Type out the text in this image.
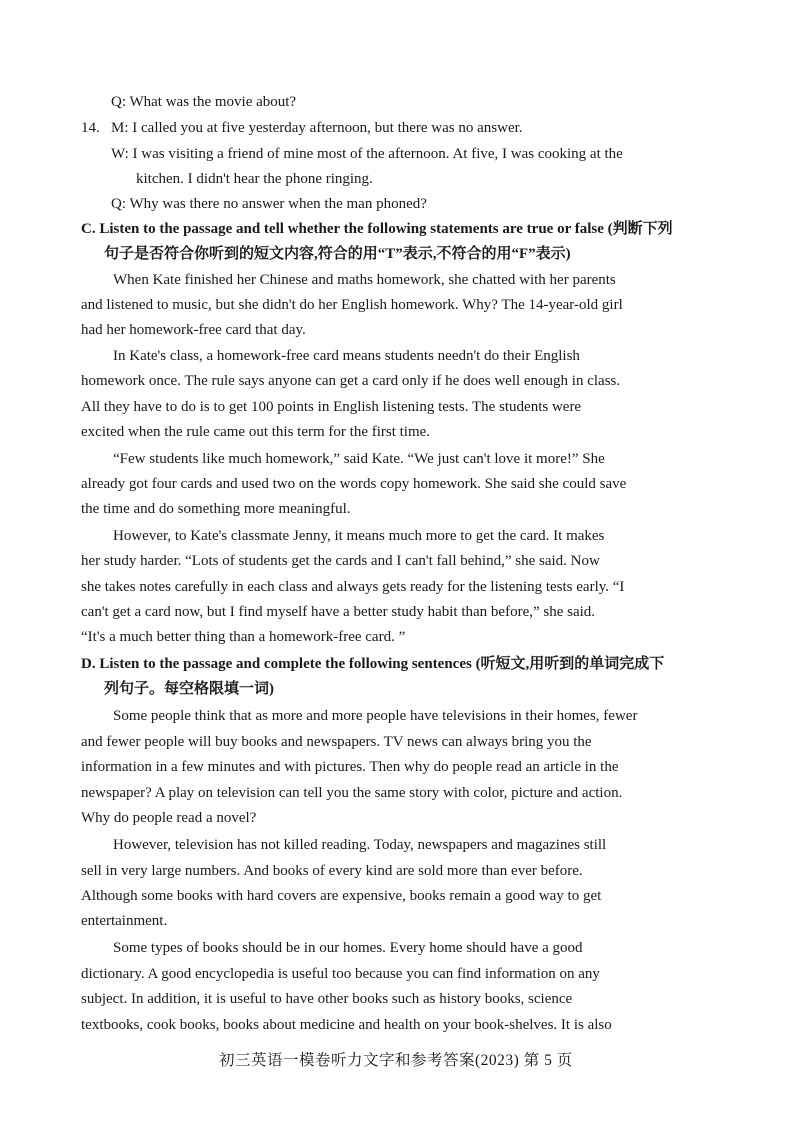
Q: What was the movie about?
14. M: I called you at five yesterday afternoon, but there was no answer.
W: I was visiting a friend of mine most of the afternoon. At five, I was cooking at the
kitchen. I didn't hear the phone ringing.
Q: Why was there no answer when the man phoned?
C. Listen to the passage and tell whether the following statements are true or false (判断下列
句子是否符合你听到的短文内容,符合的用“T”表示,不符合的用“F”表示)
When Kate finished her Chinese and maths homework, she chatted with her parents
and listened to music, but she didn't do her English homework. Why? The 14-year-old girl
had her homework-free card that day.
In Kate's class, a homework-free card means students needn't do their English
homework once. The rule says anyone can get a card only if he does well enough in class.
All they have to do is to get 100 points in English listening tests. The students were
excited when the rule came out this term for the first time.
“Few students like much homework,” said Kate. “We just can't love it more!” She
already got four cards and used two on the words copy homework. She said she could save
the time and do something more meaningful.
However, to Kate's classmate Jenny, it means much more to get the card. It makes
her study harder. “Lots of students get the cards and I can't fall behind,” she said. Now
she takes notes carefully in each class and always gets ready for the listening tests early. “I
can't get a card now, but I find myself have a better study habit than before,” she said.
“It's a much better thing than a homework-free card. ”
D. Listen to the passage and complete the following sentences (听短文,用听到的单词完成下
列句子。每空格限填一词)
Some people think that as more and more people have televisions in their homes, fewer
and fewer people will buy books and newspapers. TV news can always bring you the
information in a few minutes and with pictures. Then why do people read an article in the
newspaper? A play on television can tell you the same story with color, picture and action.
Why do people read a novel?
However, television has not killed reading. Today, newspapers and magazines still
sell in very large numbers. And books of every kind are sold more than ever before.
Although some books with hard covers are expensive, books remain a good way to get
entertainment.
Some types of books should be in our homes. Every home should have a good
dictionary. A good encyclopedia is useful too because you can find information on any
subject. In addition, it is useful to have other books such as history books, science
textbooks, cook books, books about medicine and health on your book-shelves. It is also
初三英语一模卷听力文字和参考答案(2023) 第 5 页
